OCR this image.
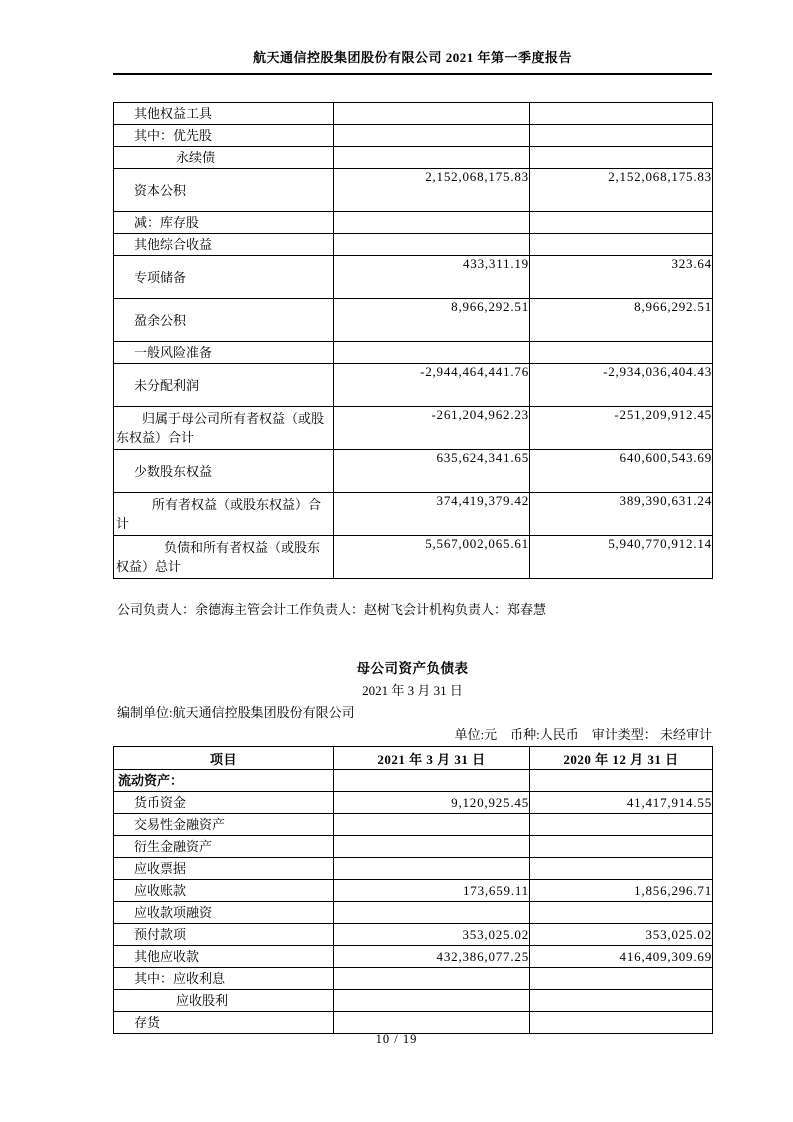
航天通信控股集团股份有限公司 2021 年第一季度报告
其他权益工具		

其中：优先股		

永续债		

资本公积	2,152,068,175.83	2,152,068,175.83

减：库存股		

其他综合收益		

专项储备	433,311.19	323.64

盈余公积	8,966,292.51	8,966,292.51

一般风险准备		

未分配利润	-2,944,464,441.76	-2,934,036,404.43

归属于母公司所有者权益（或股东权益）合计	-261,204,962.23	-251,209,912.45

少数股东权益	635,624,341.65	640,600,543.69

所有者权益（或股东权益）合计	374,419,379.42	389,390,631.24

负债和所有者权益（或股东权益）总计	5,567,002,065.61	5,940,770,912.14

公司负责人：余德海主管会计工作负责人：赵树飞会计机构负责人：郑春慧

母公司资产负债表
2021 年 3 月 31 日
编制单位:航天通信控股集团股份有限公司
单位:元　币种:人民币　审计类型： 未经审计
项目	2021 年 3 月 31 日	2020 年 12 月 31 日

流动资产：		

货币资金	9,120,925.45	41,417,914.55

交易性金融资产		

衍生金融资产		

应收票据		

应收账款	173,659.11	1,856,296.71

应收款项融资		

预付款项	353,025.02	353,025.02

其他应收款	432,386,077.25	416,409,309.69

其中：应收利息		

应收股利		

存货		

10 / 19
